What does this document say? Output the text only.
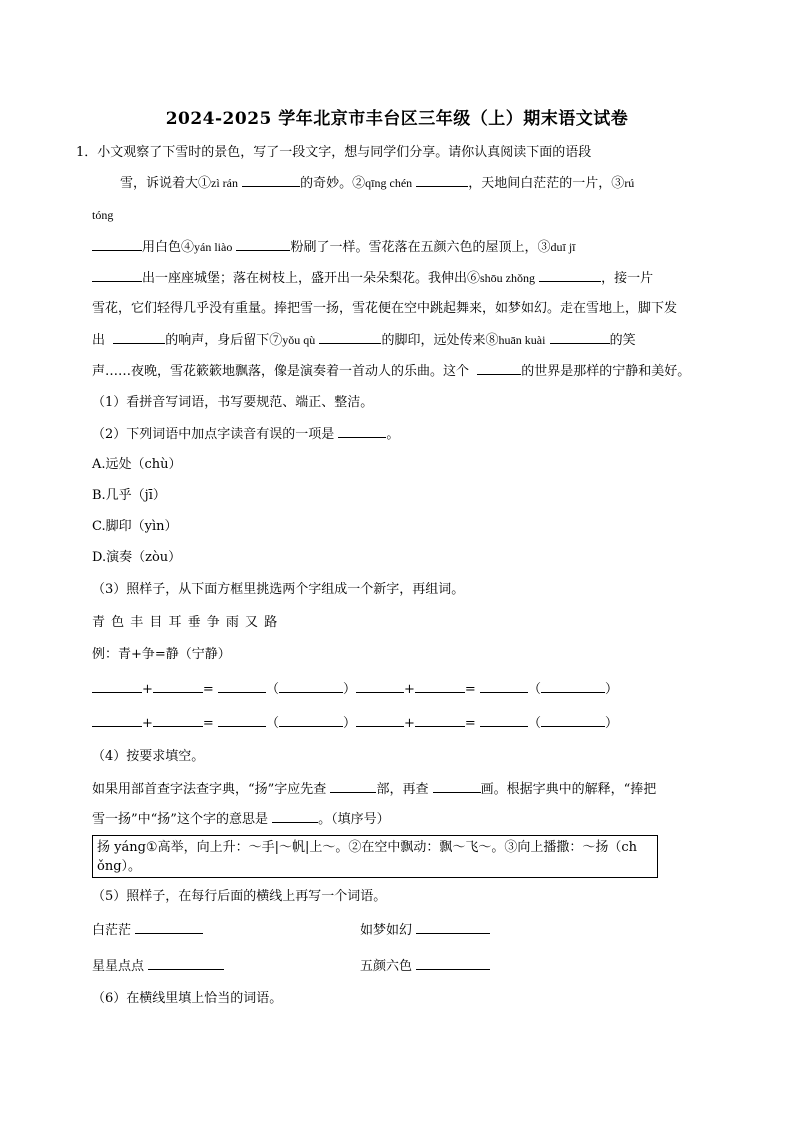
2024-2025 学年北京市丰台区三年级（上）期末语文试卷
1．小文观察了下雪时的景色，写了一段文字，想与同学们分享。请你认真阅读下面的语段
雪，诉说着大①zì rán	的奇妙。②qīng chén	，天地间白茫茫的一片，③rú
tóng
用白色④yán liào	粉刷了一样。雪花落在五颜六色的屋顶上，③duī jī
出一座座城堡；落在树枝上，盛开出一朵朵梨花。我伸出⑥shōu zhǒng	，接一片
雪花，它们轻得几乎没有重量。捧把雪一扬，雪花便在空中跳起舞来，如梦如幻。走在雪地上，脚下发
出	的响声，身后留下⑦yǒu qù	的脚印，远处传来⑧huān kuài	的笑
声……夜晚，雪花簌簌地飘落，像是演奏着一首动人的乐曲。这个	的世界是那样的宁静和美好。
（1）看拼音写词语，书写要规范、端正、整洁。
（2）下列词语中加点字读音有误的一项是	。
A.远处（chù）
B.几乎（jī）
C.脚印（yìn）
D.演奏（zòu）
（3）照样子，从下面方框里挑选两个字组成一个新字，再组词。
青 色 丰 目 耳 垂 争 雨 又 路
例：青+争=静（宁静）
+	=	（	）	+	=	（	）
+	=	（	）	+	=	（	）
（4）按要求填空。
如果用部首查字法查字典，“扬”字应先查	部，再查	画。根据字典中的解释，“捧把
雪一扬”中“扬”这个字的意思是	。（填序号）
扬 yáng①高举，向上升：～手|～帆|上～。②在空中飘动：飘～飞～。③向上播撒：～扬（ch
ǒng）。
（5）照样子，在每行后面的横线上再写一个词语。
白茫茫	如梦如幻
星星点点	五颜六色
（6）在横线里填上恰当的词语。
